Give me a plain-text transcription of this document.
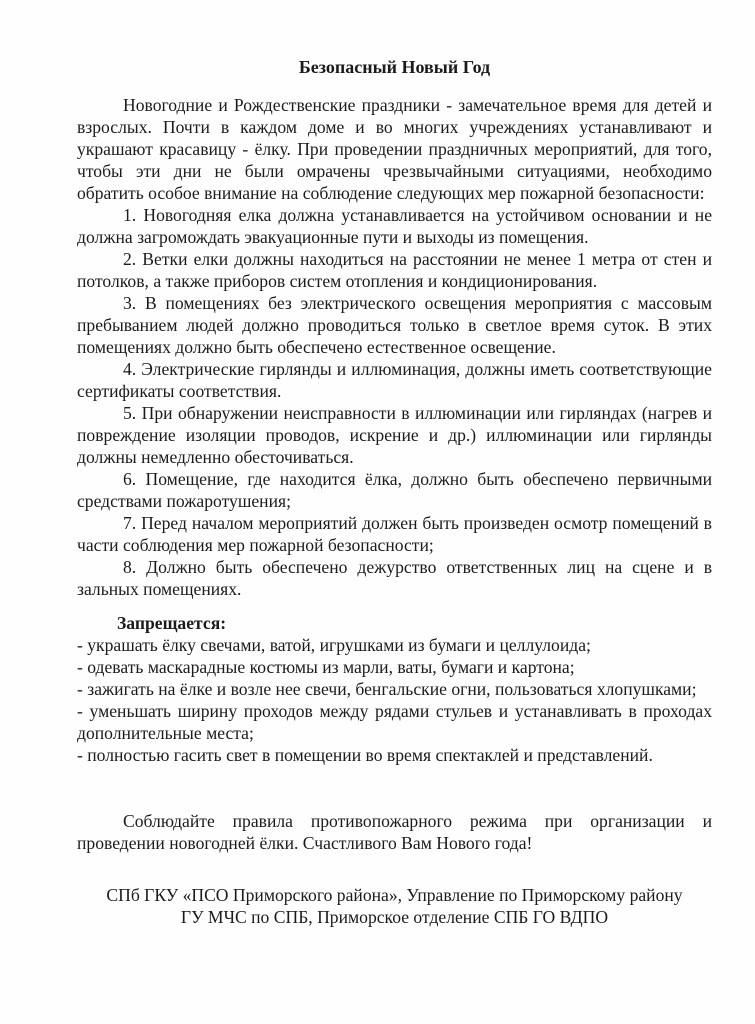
Безопасный Новый Год

Новогодние и Рождественские праздники - замечательное время для детей и взрослых. Почти в каждом доме и во многих учреждениях устанавливают и украшают красавицу - ёлку. При проведении праздничных мероприятий, для того, чтобы эти дни не были омрачены чрезвычайными ситуациями, необходимо обратить особое внимание на соблюдение следующих мер пожарной безопасности:

1. Новогодняя елка должна устанавливается на устойчивом основании и не должна загромождать эвакуационные пути и выходы из помещения.

2. Ветки елки должны находиться на расстоянии не менее 1 метра от стен и потолков, а также приборов систем отопления и кондиционирования.

3. В помещениях без электрического освещения мероприятия с массовым пребыванием людей должно проводиться только в светлое время суток. В этих помещениях должно быть обеспечено естественное освещение.

4. Электрические гирлянды и иллюминация, должны иметь соответствующие сертификаты соответствия.

5. При обнаружении неисправности в иллюминации или гирляндах (нагрев и повреждение изоляции проводов, искрение и др.) иллюминации или гирлянды должны немедленно обесточиваться.

6. Помещение, где находится ёлка, должно быть обеспечено первичными средствами пожаротушения;

7. Перед началом мероприятий должен быть произведен осмотр помещений в части соблюдения мер пожарной безопасности;

8. Должно быть обеспечено дежурство ответственных лиц на сцене и в зальных помещениях.

Запрещается:

- украшать ёлку свечами, ватой, игрушками из бумаги и целлулоида;

- одевать маскарадные костюмы из марли, ваты, бумаги и картона;

- зажигать на ёлке и возле нее свечи, бенгальские огни, пользоваться хлопушками;

- уменьшать ширину проходов между рядами стульев и устанавливать в проходах дополнительные места;

- полностью гасить свет в помещении во время спектаклей и представлений.

Соблюдайте правила противопожарного режима при организации и проведении новогодней ёлки. Счастливого Вам Нового года!

СПб ГКУ «ПСО Приморского района», Управление по Приморскому району
ГУ МЧС по СПБ, Приморское отделение СПБ ГО ВДПО
